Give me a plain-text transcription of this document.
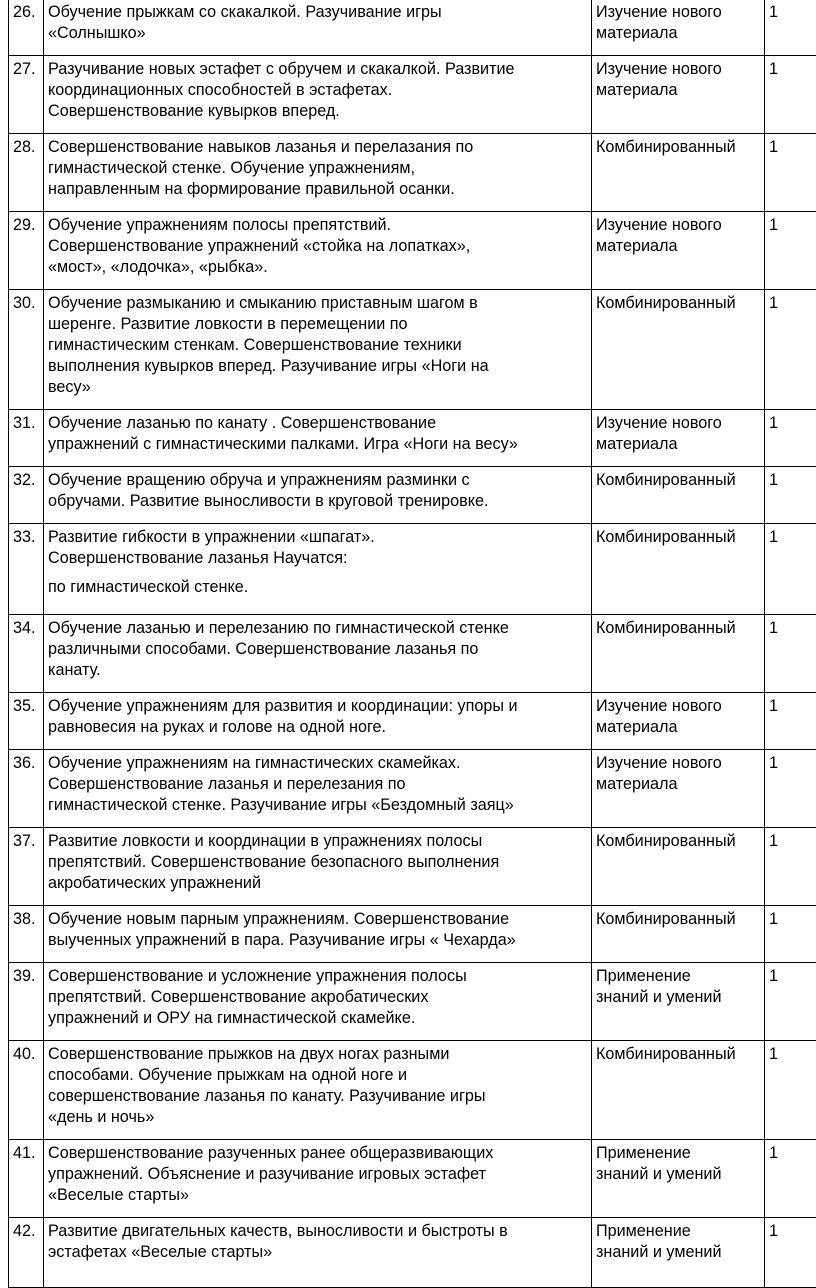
26.	Обучение прыжкам со скакалкой. Разучивание игры
«Солнышко»	Изучение нового
материала	1
27.	Разучивание новых эстафет с обручем и скакалкой. Развитие
координационных способностей в эстафетах.
Совершенствование кувырков вперед.	Изучение нового
материала	1
28.	Совершенствование навыков лазанья и перелазания по
гимнастической стенке. Обучение упражнениям,
направленным на формирование правильной осанки.	Комбинированный	1
29.	Обучение упражнениям полосы препятствий.
Совершенствование упражнений «стойка на лопатках»,
«мост», «лодочка», «рыбка».	Изучение нового
материала	1
30.	Обучение размыканию и смыканию приставным шагом в
шеренге. Развитие ловкости в перемещении по
гимнастическим стенкам. Совершенствование техники
выполнения кувырков вперед. Разучивание игры «Ноги на
весу»	Комбинированный	1
31.	Обучение лазанью по канату . Совершенствование
упражнений с гимнастическими палками. Игра «Ноги на весу»	Изучение нового
материала	1
32.	Обучение вращению обруча и упражнениям разминки с
обручами. Развитие выносливости в круговой тренировке.	Комбинированный	1
33.	Развитие гибкости в упражнении «шпагат».
Совершенствование лазанья Научатся:
по гимнастической стенке.	Комбинированный	1
34.	Обучение лазанью и перелезанию по гимнастической стенке
различными способами. Совершенствование лазанья по
канату.	Комбинированный	1
35.	Обучение упражнениям для развития и координации: упоры и
равновесия на руках и голове на одной ноге.	Изучение нового
материала	1
36.	Обучение упражнениям на гимнастических скамейках.
Совершенствование лазанья и перелезания по
гимнастической стенке. Разучивание игры «Бездомный заяц»	Изучение нового
материала	1
37.	Развитие ловкости и координации в упражнениях полосы
препятствий. Совершенствование безопасного выполнения
акробатических упражнений	Комбинированный	1
38.	Обучение новым парным упражнениям. Совершенствование
выученных упражнений в пара. Разучивание игры « Чехарда»	Комбинированный	1
39.	Совершенствование и усложнение упражнения полосы
препятствий. Совершенствование акробатических
упражнений и ОРУ на гимнастической скамейке.	Применение
знаний и умений	1
40.	Совершенствование прыжков на двух ногах разными
способами. Обучение прыжкам на одной ноге и
совершенствование лазанья по канату. Разучивание игры
«день и ночь»	Комбинированный	1
41.	Совершенствование разученных ранее общеразвивающих
упражнений. Объяснение и разучивание игровых эстафет
«Веселые старты»	Применение
знаний и умений	1
42.	Развитие двигательных качеств, выносливости и быстроты в
эстафетах «Веселые старты»	Применение
знаний и умений	1
